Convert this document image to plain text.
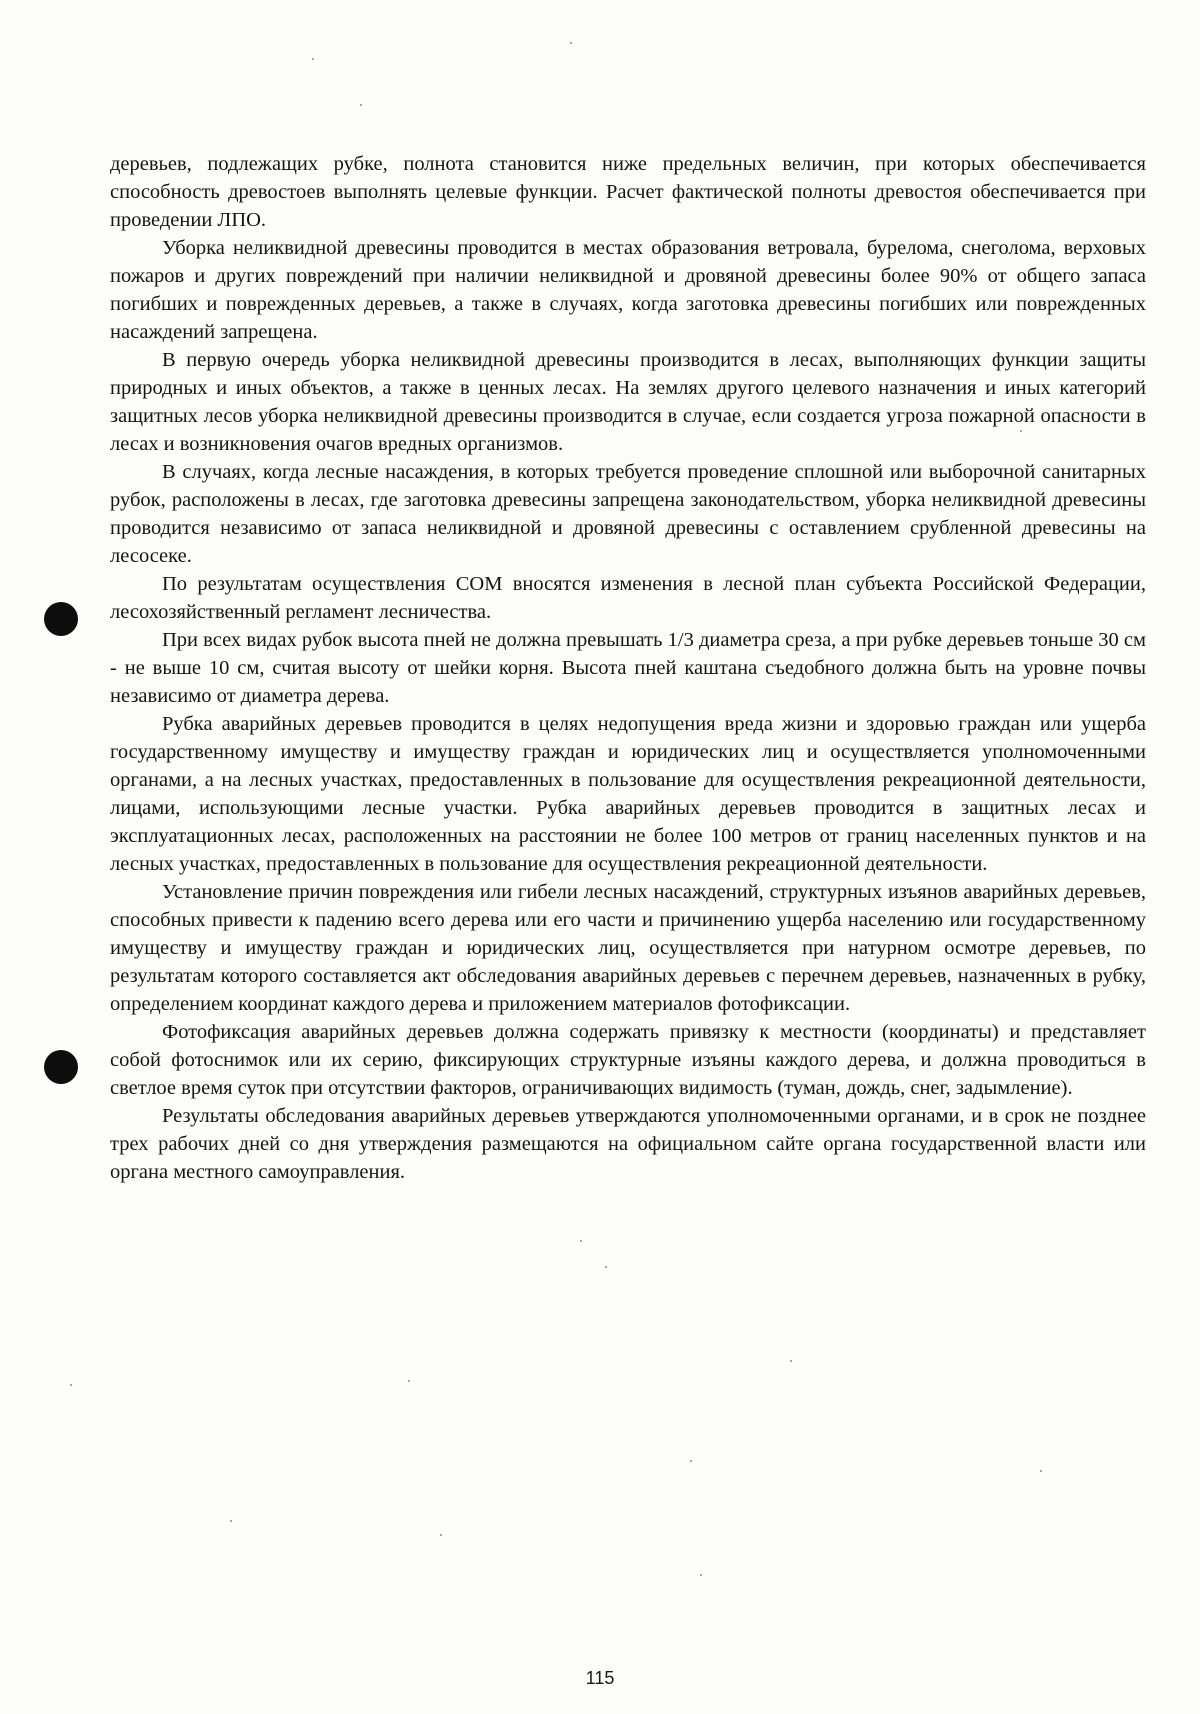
деревьев, подлежащих рубке, полнота становится ниже предельных величин, при которых обеспечивается способность древостоев выполнять целевые функции. Расчет фактической полноты древостоя обеспечивается при проведении ЛПО.

Уборка неликвидной древесины проводится в местах образования ветровала, бурелома, снеголома, верховых пожаров и других повреждений при наличии неликвидной и дровяной древесины более 90% от общего запаса погибших и поврежденных деревьев, а также в случаях, когда заготовка древесины погибших или поврежденных насаждений запрещена.

В первую очередь уборка неликвидной древесины производится в лесах, выполняющих функции защиты природных и иных объектов, а также в ценных лесах. На землях другого целевого назначения и иных категорий защитных лесов уборка неликвидной древесины производится в случае, если создается угроза пожарной опасности в лесах и возникновения очагов вредных организмов.

В случаях, когда лесные насаждения, в которых требуется проведение сплошной или выборочной санитарных рубок, расположены в лесах, где заготовка древесины запрещена законодательством, уборка неликвидной древесины проводится независимо от запаса неликвидной и дровяной древесины с оставлением срубленной древесины на лесосеке.

По результатам осуществления СОМ вносятся изменения в лесной план субъекта Российской Федерации, лесохозяйственный регламент лесничества.

При всех видах рубок высота пней не должна превышать 1/3 диаметра среза, а при рубке деревьев тоньше 30 см - не выше 10 см, считая высоту от шейки корня. Высота пней каштана съедобного должна быть на уровне почвы независимо от диаметра дерева.

Рубка аварийных деревьев проводится в целях недопущения вреда жизни и здоровью граждан или ущерба государственному имуществу и имуществу граждан и юридических лиц и осуществляется уполномоченными органами, а на лесных участках, предоставленных в пользование для осуществления рекреационной деятельности, лицами, использующими лесные участки. Рубка аварийных деревьев проводится в защитных лесах и эксплуатационных лесах, расположенных на расстоянии не более 100 метров от границ населенных пунктов и на лесных участках, предоставленных в пользование для осуществления рекреационной деятельности.

Установление причин повреждения или гибели лесных насаждений, структурных изъянов аварийных деревьев, способных привести к падению всего дерева или его части и причинению ущерба населению или государственному имуществу и имуществу граждан и юридических лиц, осуществляется при натурном осмотре деревьев, по результатам которого составляется акт обследования аварийных деревьев с перечнем деревьев, назначенных в рубку, определением координат каждого дерева и приложением материалов фотофиксации.

Фотофиксация аварийных деревьев должна содержать привязку к местности (координаты) и представляет собой фотоснимок или их серию, фиксирующих структурные изъяны каждого дерева, и должна проводиться в светлое время суток при отсутствии факторов, ограничивающих видимость (туман, дождь, снег, задымление).

Результаты обследования аварийных деревьев утверждаются уполномоченными органами, и в срок не позднее трех рабочих дней со дня утверждения размещаются на официальном сайте органа государственной власти или органа местного самоуправления.

115
